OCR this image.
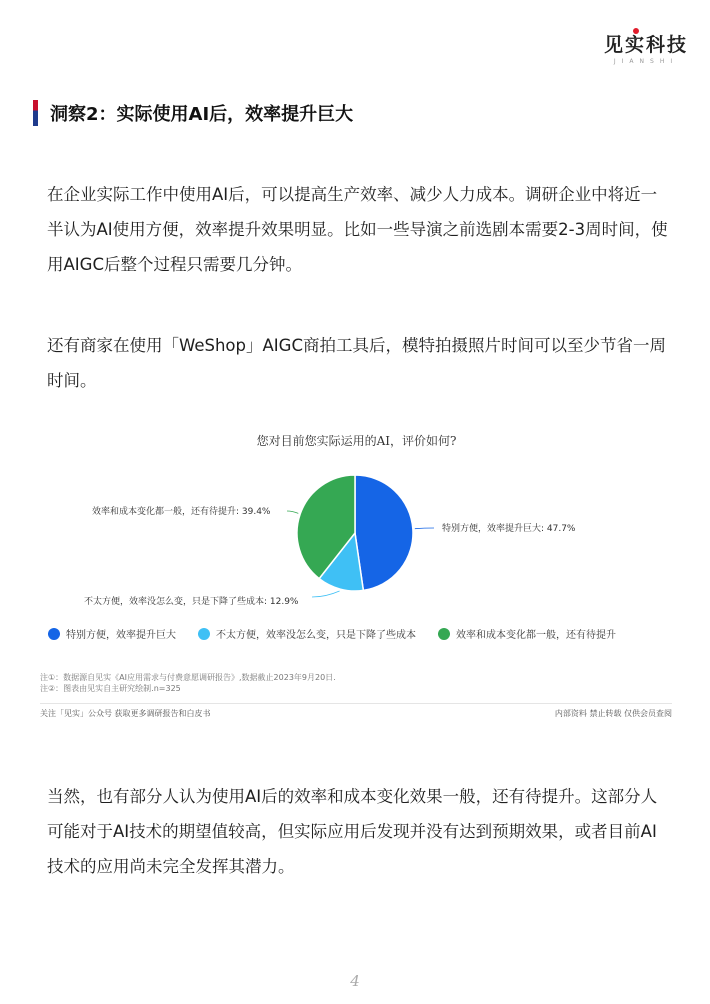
见实科技
JIANSHI
洞察2：实际使用AI后，效率提升巨大
在企业实际工作中使用AI后，可以提高生产效率、减少人力成本。调研企业中将近一半认为AI使用方便，效率提升效果明显。比如一些导演之前选剧本需要2-3周时间，使用AIGC后整个过程只需要几分钟。
还有商家在使用「WeShop」AIGC商拍工具后，模特拍摄照片时间可以至少节省一周时间。
您对目前您实际运用的AI，评价如何?
特别方便，效率提升巨大: 47.7%
不太方便，效率没怎么变，只是下降了些成本: 12.9%
效率和成本变化都一般，还有待提升: 39.4%
特别方便，效率提升巨大	不太方便，效率没怎么变，只是下降了些成本	效率和成本变化都一般，还有待提升
注①：数据源自见实《AI应用需求与付费意愿调研报告》,数据截止2023年9月20日.
注②：图表由见实自主研究绘制.n=325
关注「见实」公众号 获取更多调研报告和白皮书	内部资料 禁止转载 仅供会员查阅
当然，也有部分人认为使用AI后的效率和成本变化效果一般，还有待提升。这部分人可能对于AI技术的期望值较高，但实际应用后发现并没有达到预期效果，或者目前AI技术的应用尚未完全发挥其潜力。
4
